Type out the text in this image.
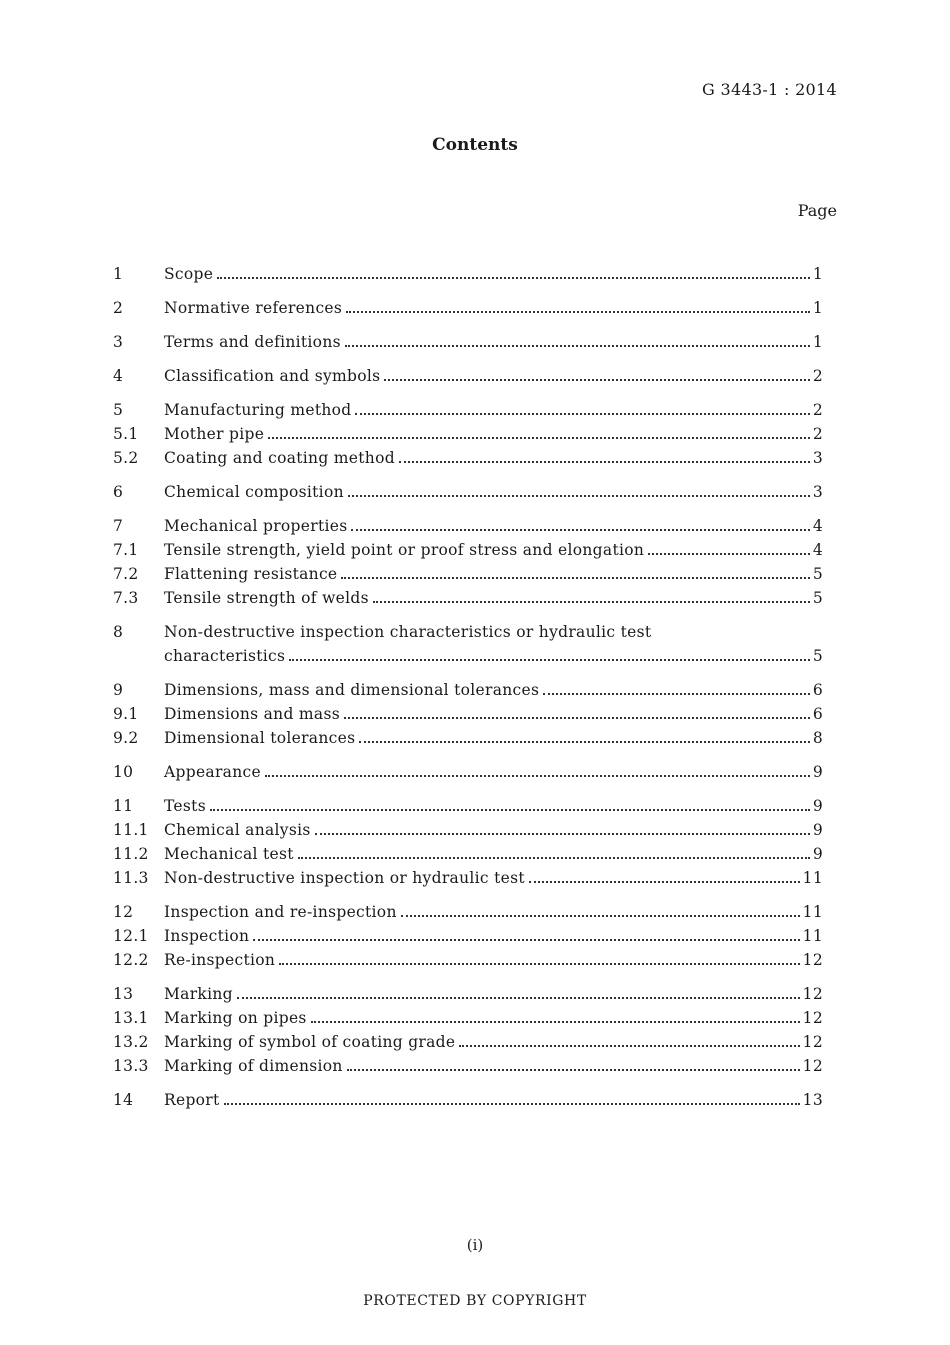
G 3443-1 : 2014
Contents
Page
1	Scope	1
2	Normative references	1
3	Terms and definitions	1
4	Classification and symbols	2
5	Manufacturing method	2
5.1	Mother pipe	2
5.2	Coating and coating method	3
6	Chemical composition	3
7	Mechanical properties	4
7.1	Tensile strength, yield point or proof stress and elongation	4
7.2	Flattening resistance	5
7.3	Tensile strength of welds	5
8	Non-destructive inspection characteristics or hydraulic test
characteristics	5
9	Dimensions, mass and dimensional tolerances	6
9.1	Dimensions and mass	6
9.2	Dimensional tolerances	8
10	Appearance	9
11	Tests	9
11.1 Chemical analysis	9
11.2 Mechanical test	9
11.3 Non-destructive inspection or hydraulic test	11
12	Inspection and re-inspection	11
12.1 Inspection	11
12.2 Re-inspection	12
13	Marking	12
13.1 Marking on pipes	12
13.2 Marking of symbol of coating grade	12
13.3 Marking of dimension	12
14	Report	13
(i)
PROTECTED BY COPYRIGHT
